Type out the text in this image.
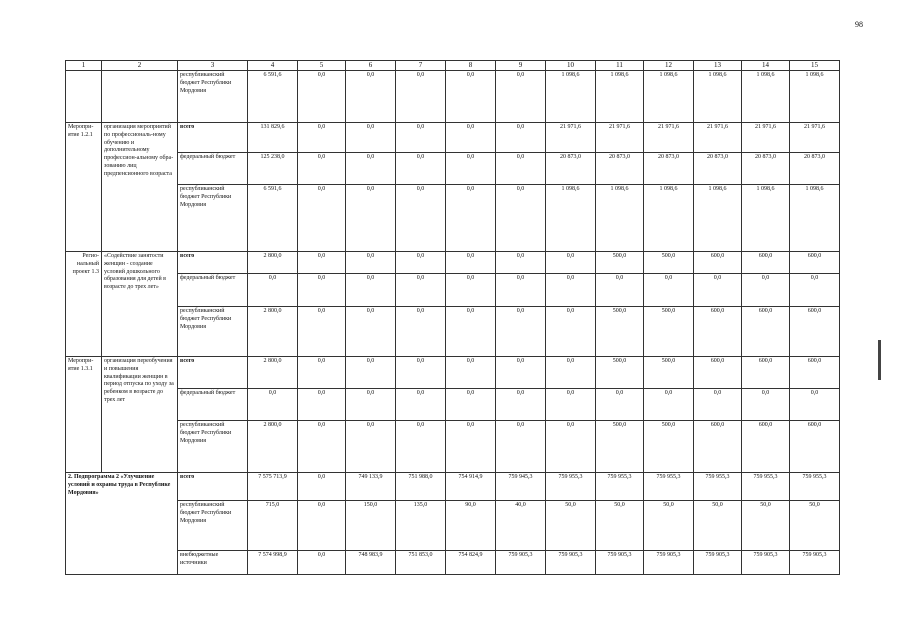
98
1	2	3	4	5	6	7	8	9	10	11	12	13	14	15
		республиканский бюджет Республики Мордовия	6 591,6	0,0	0,0	0,0	0,0	0,0	1 098,6	1 098,6	1 098,6	1 098,6	1 098,6	1 098,6
Меропри-ятие 1.2.1	организация мероприятий по профессиональ-ному обучению и дополнительному профессион-альному обра-зованию лиц предпенсионного возраста	всего	131 829,6	0,0	0,0	0,0	0,0	0,0	21 971,6	21 971,6	21 971,6	21 971,6	21 971,6	21 971,6
		федеральный бюджет	125 238,0	0,0	0,0	0,0	0,0	0,0	20 873,0	20 873,0	20 873,0	20 873,0	20 873,0	20 873,0
		республиканский бюджет Республики Мордовия	6 591,6	0,0	0,0	0,0	0,0	0,0	1 098,6	1 098,6	1 098,6	1 098,6	1 098,6	1 098,6
Регио-нальный проект 1.3	«Содействие занятости женщин - создание условий дошкольного образования для детей в возрасте до трех лет»	всего	2 800,0	0,0	0,0	0,0	0,0	0,0	0,0	500,0	500,0	600,0	600,0	600,0
		федеральный бюджет	0,0	0,0	0,0	0,0	0,0	0,0	0,0	0,0	0,0	0,0	0,0	0,0
		республиканский бюджет Республики Мордовия	2 800,0	0,0	0,0	0,0	0,0	0,0	0,0	500,0	500,0	600,0	600,0	600,0
Меропри-ятие 1.3.1	организация переобучения и повышения квалификации женщин в период отпуска по уходу за ребенком в возрасте до трех лет	всего	2 800,0	0,0	0,0	0,0	0,0	0,0	0,0	500,0	500,0	600,0	600,0	600,0
		федеральный бюджет	0,0	0,0	0,0	0,0	0,0	0,0	0,0	0,0	0,0	0,0	0,0	0,0
		республиканский бюджет Республики Мордовия	2 800,0	0,0	0,0	0,0	0,0	0,0	0,0	500,0	500,0	600,0	600,0	600,0
2. Подпрограмма 2 «Улучшение условий и охраны труда в Республике Мордовия»		всего	7 575 713,9	0,0	749 133,9	751 988,0	754 914,9	759 945,3	759 955,3	759 955,3	759 955,3	759 955,3	759 955,3	759 955,3
		республиканский бюджет Республики Мордовия	715,0	0,0	150,0	135,0	90,0	40,0	50,0	50,0	50,0	50,0	50,0	50,0
		внебюджетные источники	7 574 998,9	0,0	748 983,9	751 853,0	754 824,9	759 905,3	759 905,3	759 905,3	759 905,3	759 905,3	759 905,3	759 905,3
